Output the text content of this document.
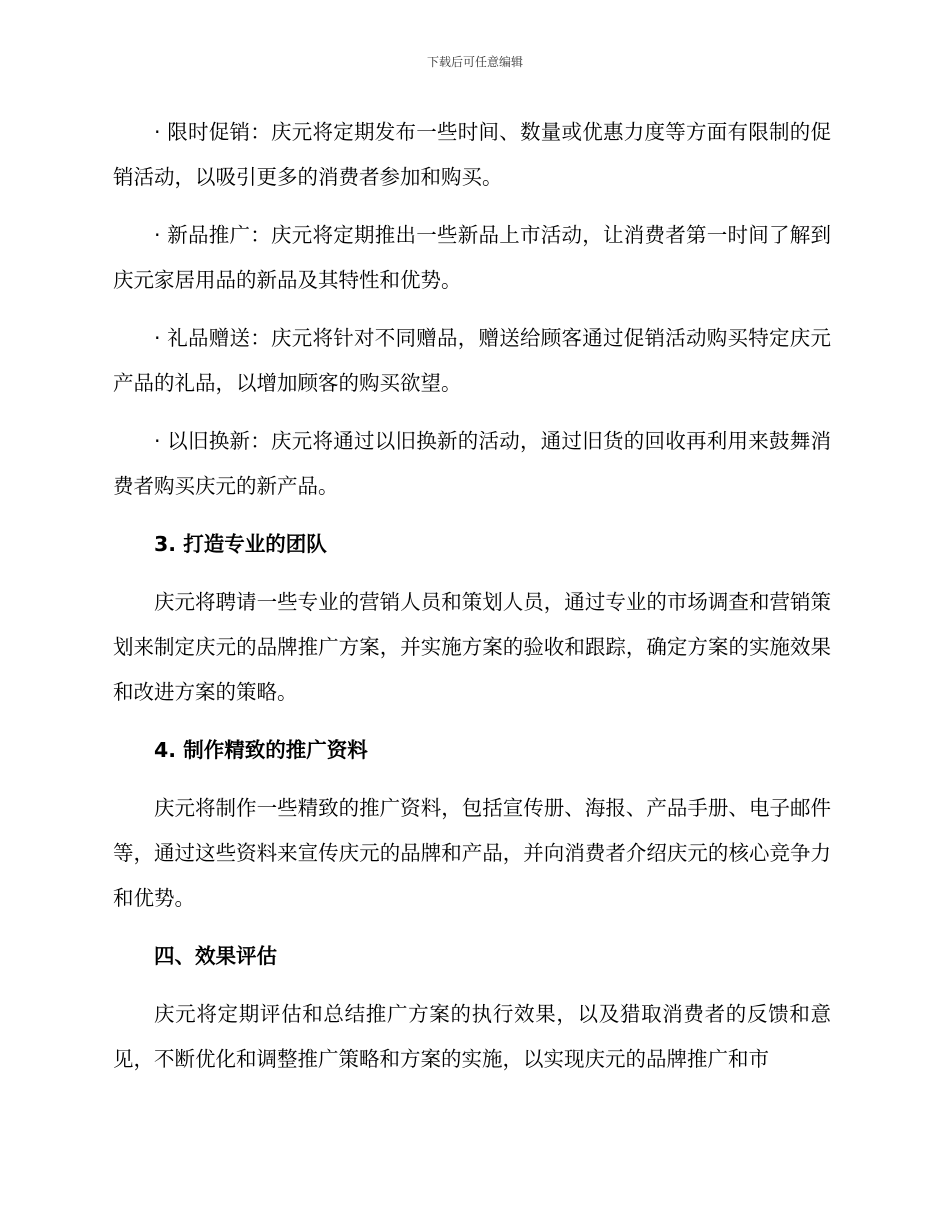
下载后可任意编辑

· 限时促销：庆元将定期发布一些时间、数量或优惠力度等方面有限制的促销活动，以吸引更多的消费者参加和购买。

· 新品推广：庆元将定期推出一些新品上市活动，让消费者第一时间了解到庆元家居用品的新品及其特性和优势。

· 礼品赠送：庆元将针对不同赠品，赠送给顾客通过促销活动购买特定庆元产品的礼品，以增加顾客的购买欲望。

· 以旧换新：庆元将通过以旧换新的活动，通过旧货的回收再利用来鼓舞消费者购买庆元的新产品。

3. 打造专业的团队

庆元将聘请一些专业的营销人员和策划人员，通过专业的市场调查和营销策划来制定庆元的品牌推广方案，并实施方案的验收和跟踪，确定方案的实施效果和改进方案的策略。

4. 制作精致的推广资料

庆元将制作一些精致的推广资料，包括宣传册、海报、产品手册、电子邮件等，通过这些资料来宣传庆元的品牌和产品，并向消费者介绍庆元的核心竞争力和优势。

四、效果评估

庆元将定期评估和总结推广方案的执行效果，以及猎取消费者的反馈和意见，不断优化和调整推广策略和方案的实施，以实现庆元的品牌推广和市
